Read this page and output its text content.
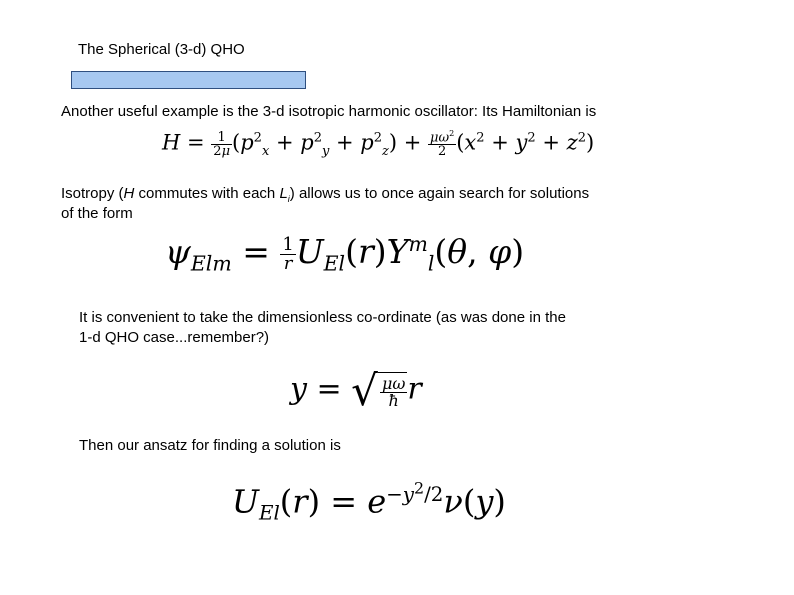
The Spherical (3-d) QHO
Another useful example is the 3-d isotropic harmonic oscillator: Its Hamiltonian is
$H = \frac{1}{2\mu} (p^2_x + p^2_y + p^2_z) + \frac{\mu\omega^2}{2} (x^2 + y^2 + z^2)$
Isotropy (H commutes with each $L_i$) allows us to once again search for solutions
of the form
$\psi_{Elm} = \frac{1}{r} U_{El}(r)Y^m_l(\theta$, φ)
It is convenient to take the dimensionless co-ordinate (as was done in the
1-d QHO case...remember?)
y = √ $\frac{\mu\omega}{ħ}$ r
Then our ansatz for finding a solution is
$U_{El}(r) = e^{-y^2/2}\nu(y)$
